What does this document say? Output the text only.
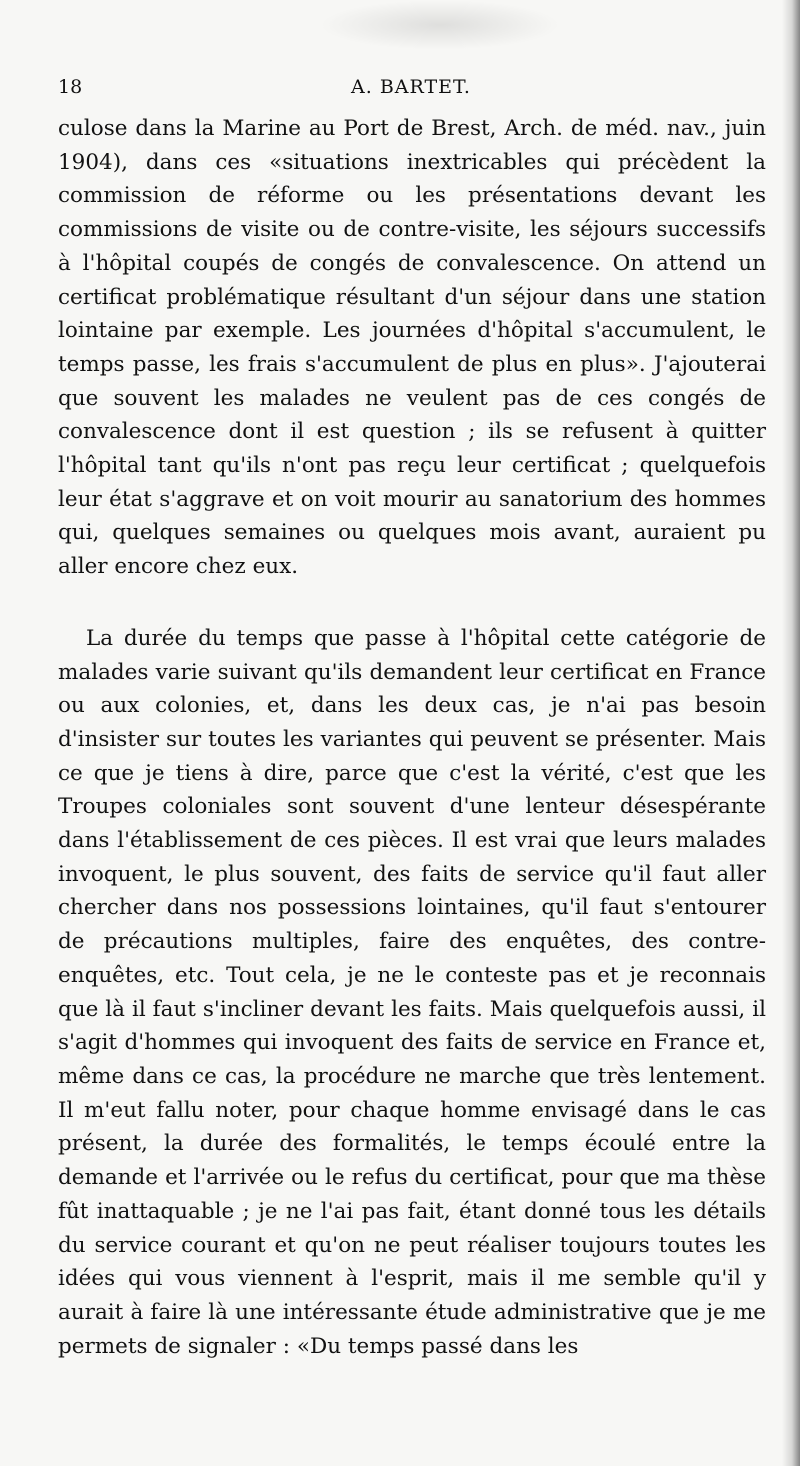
18	A. BARTET.

culose dans la Marine au Port de Brest, Arch. de méd. nav., juin 1904), dans ces «situations inextricables qui précèdent la commission de réforme ou les présentations devant les commissions de visite ou de contre-visite, les séjours successifs à l'hôpital coupés de congés de convalescence. On attend un certificat problématique résultant d'un séjour dans une station lointaine par exemple. Les journées d'hôpital s'accumulent, le temps passe, les frais s'accumulent de plus en plus». J'ajouterai que souvent les malades ne veulent pas de ces congés de convalescence dont il est question ; ils se refusent à quitter l'hôpital tant qu'ils n'ont pas reçu leur certificat ; quelquefois leur état s'aggrave et on voit mourir au sanatorium des hommes qui, quelques semaines ou quelques mois avant, auraient pu aller encore chez eux.

La durée du temps que passe à l'hôpital cette catégorie de malades varie suivant qu'ils demandent leur certificat en France ou aux colonies, et, dans les deux cas, je n'ai pas besoin d'insister sur toutes les variantes qui peuvent se présenter. Mais ce que je tiens à dire, parce que c'est la vérité, c'est que les Troupes coloniales sont souvent d'une lenteur désespérante dans l'établissement de ces pièces. Il est vrai que leurs malades invoquent, le plus souvent, des faits de service qu'il faut aller chercher dans nos possessions lointaines, qu'il faut s'entourer de précautions multiples, faire des enquêtes, des contre-enquêtes, etc. Tout cela, je ne le conteste pas et je reconnais que là il faut s'incliner devant les faits. Mais quelquefois aussi, il s'agit d'hommes qui invoquent des faits de service en France et, même dans ce cas, la procédure ne marche que très lentement. Il m'eut fallu noter, pour chaque homme envisagé dans le cas présent, la durée des formalités, le temps écoulé entre la demande et l'arrivée ou le refus du certificat, pour que ma thèse fût inattaquable ; je ne l'ai pas fait, étant donné tous les détails du service courant et qu'on ne peut réaliser toujours toutes les idées qui vous viennent à l'esprit, mais il me semble qu'il y aurait à faire là une intéressante étude administrative que je me permets de signaler : «Du temps passé dans les
